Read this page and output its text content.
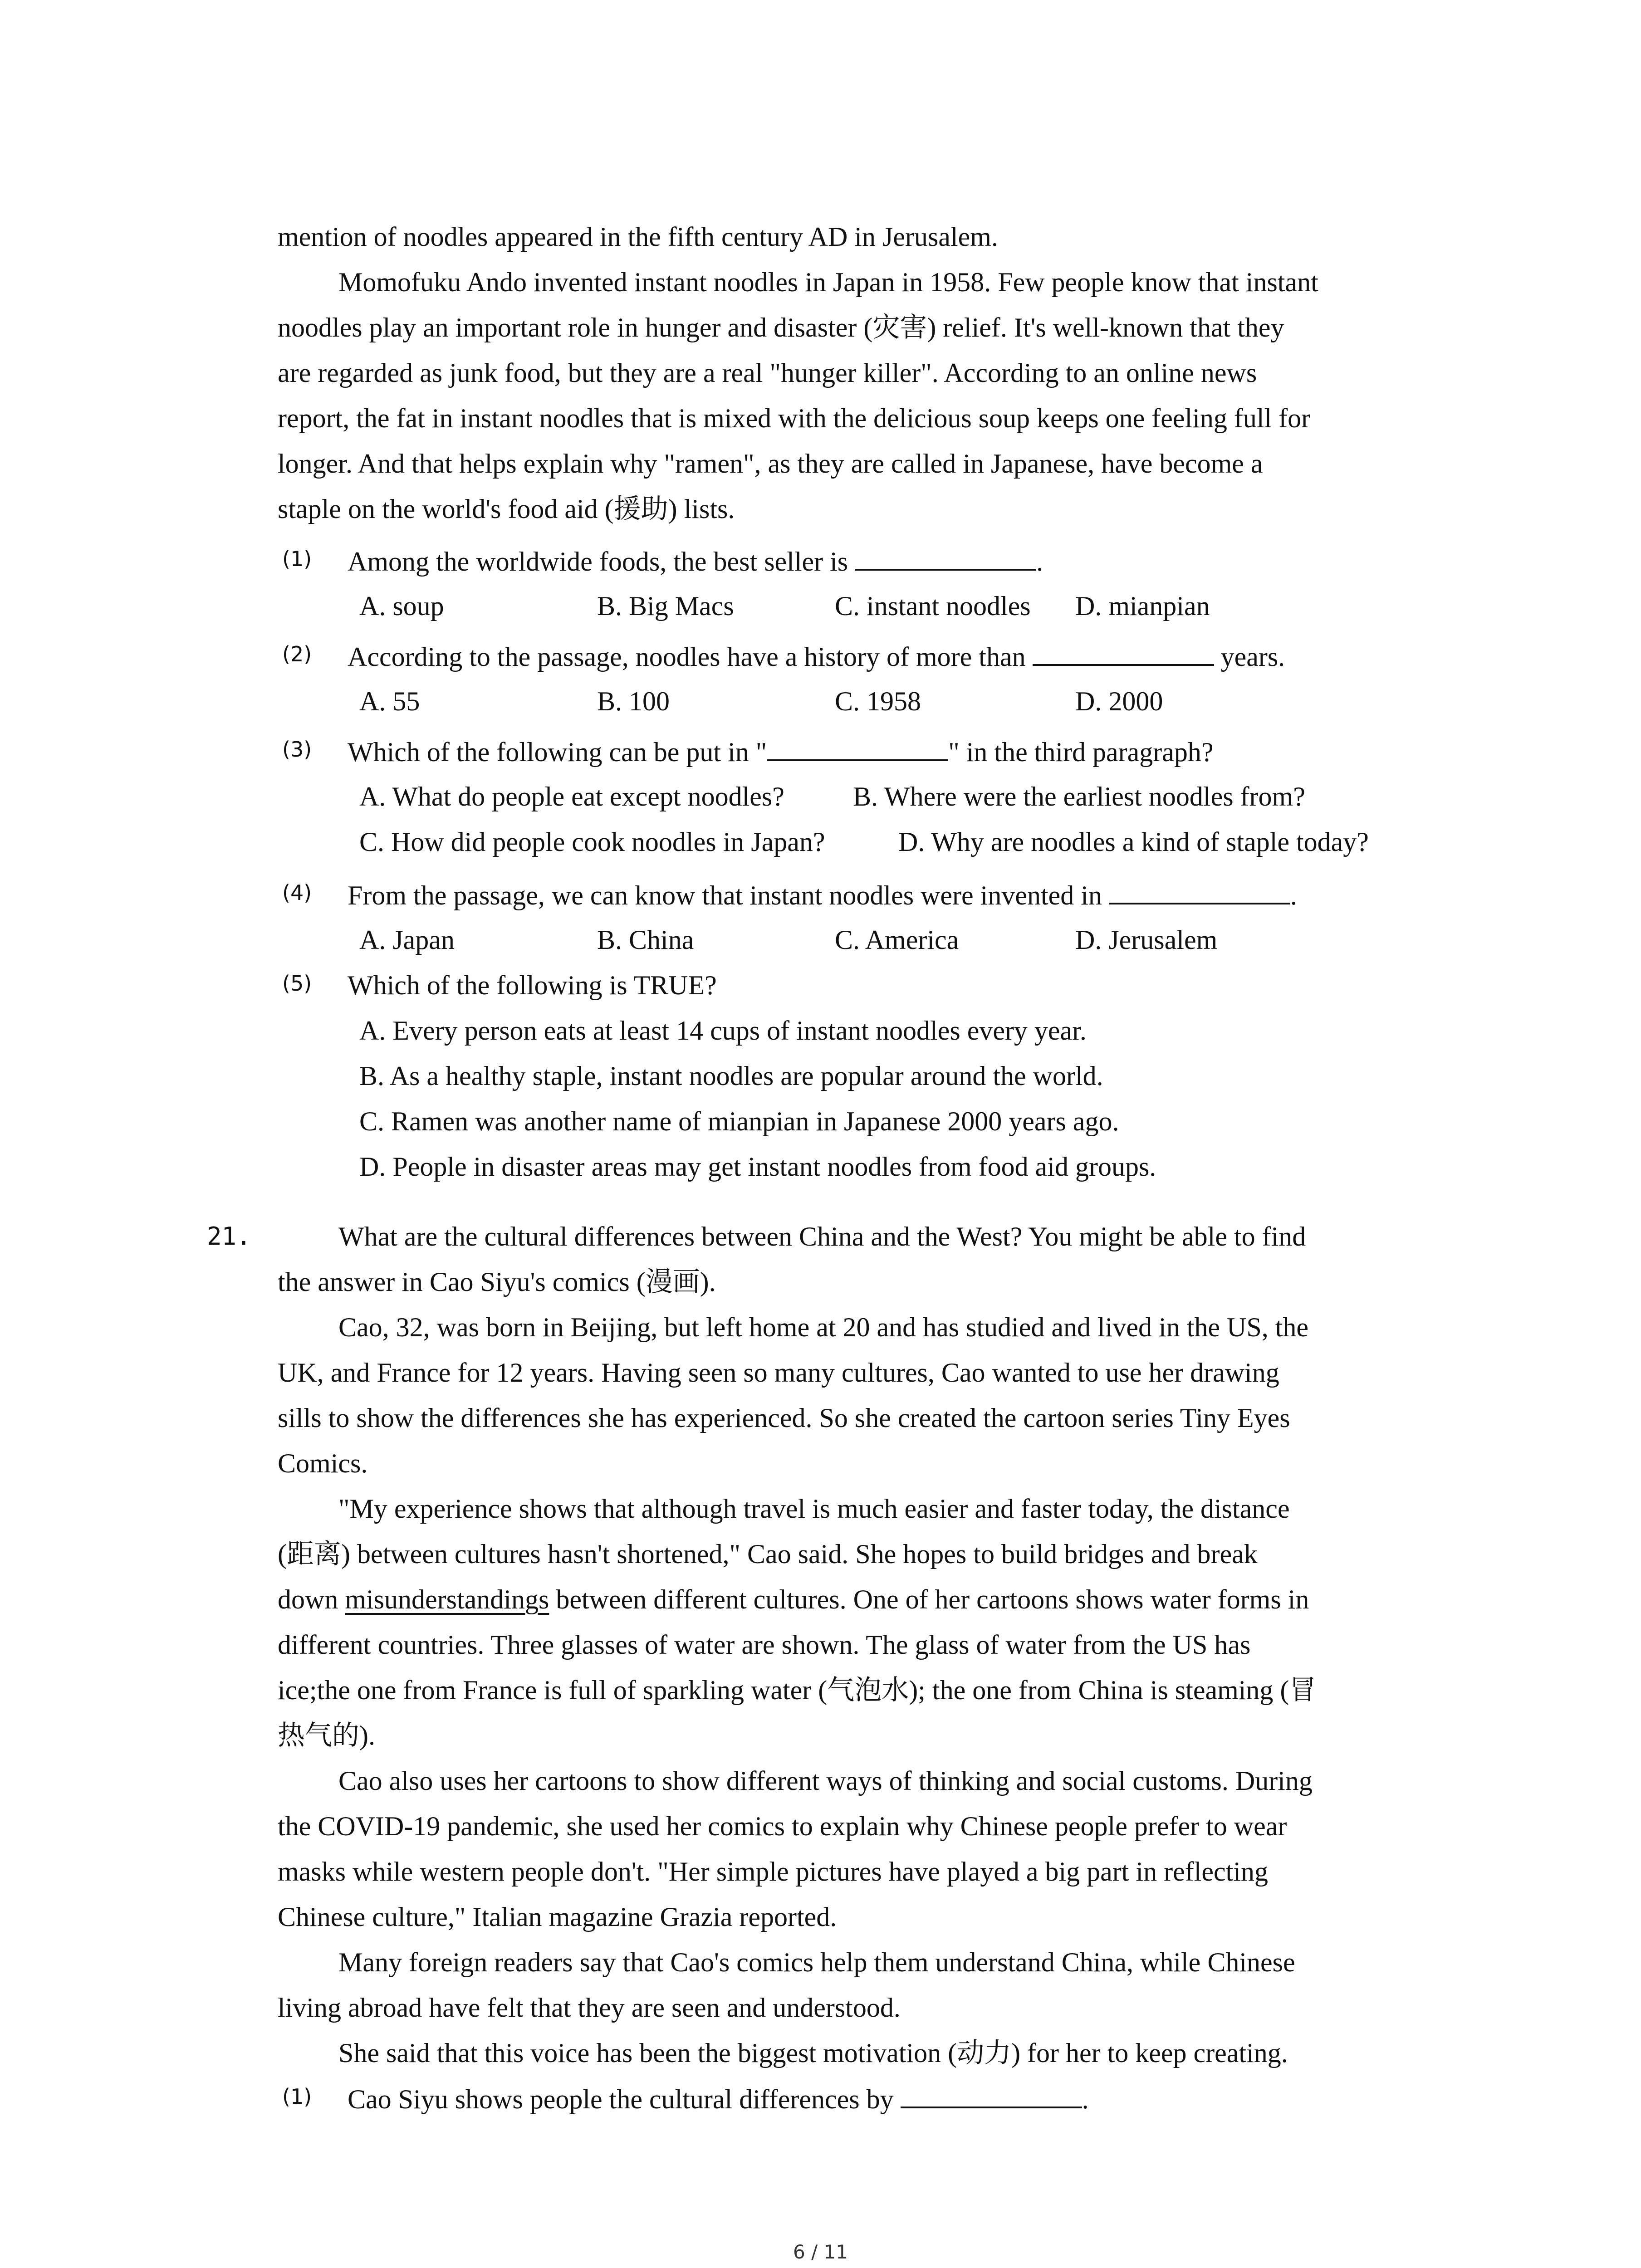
mention of noodles appeared in the fifth century AD in Jerusalem.
Momofuku Ando invented instant noodles in Japan in 1958. Few people know that instant
noodles play an important role in hunger and disaster (灾害) relief. It's well-known that they
are regarded as junk food, but they are a real "hunger killer". According to an online news
report, the fat in instant noodles that is mixed with the delicious soup keeps one feeling full for
longer. And that helps explain why "ramen", as they are called in Japanese, have become a
staple on the world's food aid (援助) lists.
(1) Among the worldwide foods, the best seller is	.
A. soup	B. Big Macs	C. instant noodles D. mianpian
(2) According to the passage, noodles have a history of more than	years.
A. 55	B. 100	C. 1958	D. 2000
(3) Which of the following can be put in "	" in the third paragraph?
A. What do people eat except noodles?	B. Where were the earliest noodles from?
C. How did people cook noodles in Japan?	D. Why are noodles a kind of staple today?
(4) From the passage, we can know that instant noodles were invented in	.
A. Japan	B. China	C. America	D. Jerusalem
(5) Which of the following is TRUE?
A. Every person eats at least 14 cups of instant noodles every year.
B. As a healthy staple, instant noodles are popular around the world.
C. Ramen was another name of mianpian in Japanese 2000 years ago.
D. People in disaster areas may get instant noodles from food aid groups.
21.	What are the cultural differences between China and the West? You might be able to find
the answer in Cao Siyu's comics (漫画).
Cao, 32, was born in Beijing, but left home at 20 and has studied and lived in the US, the
UK, and France for 12 years. Having seen so many cultures, Cao wanted to use her drawing
sills to show the differences she has experienced. So she created the cartoon series Tiny Eyes
Comics.
"My experience shows that although travel is much easier and faster today, the distance
(距离) between cultures hasn't shortened," Cao said. She hopes to build bridges and break
down misunderstandings between different cultures. One of her cartoons shows water forms in
different countries. Three glasses of water are shown. The glass of water from the US has
ice;the one from France is full of sparkling water (气泡水); the one from China is steaming (冒
热气的).
Cao also uses her cartoons to show different ways of thinking and social customs. During
the COVID-19 pandemic, she used her comics to explain why Chinese people prefer to wear
masks while western people don't. "Her simple pictures have played a big part in reflecting
Chinese culture," Italian magazine Grazia reported.
Many foreign readers say that Cao's comics help them understand China, while Chinese
living abroad have felt that they are seen and understood.
She said that this voice has been the biggest motivation (动力) for her to keep creating.
(1) Cao Siyu shows people the cultural differences by	.
6 / 11
